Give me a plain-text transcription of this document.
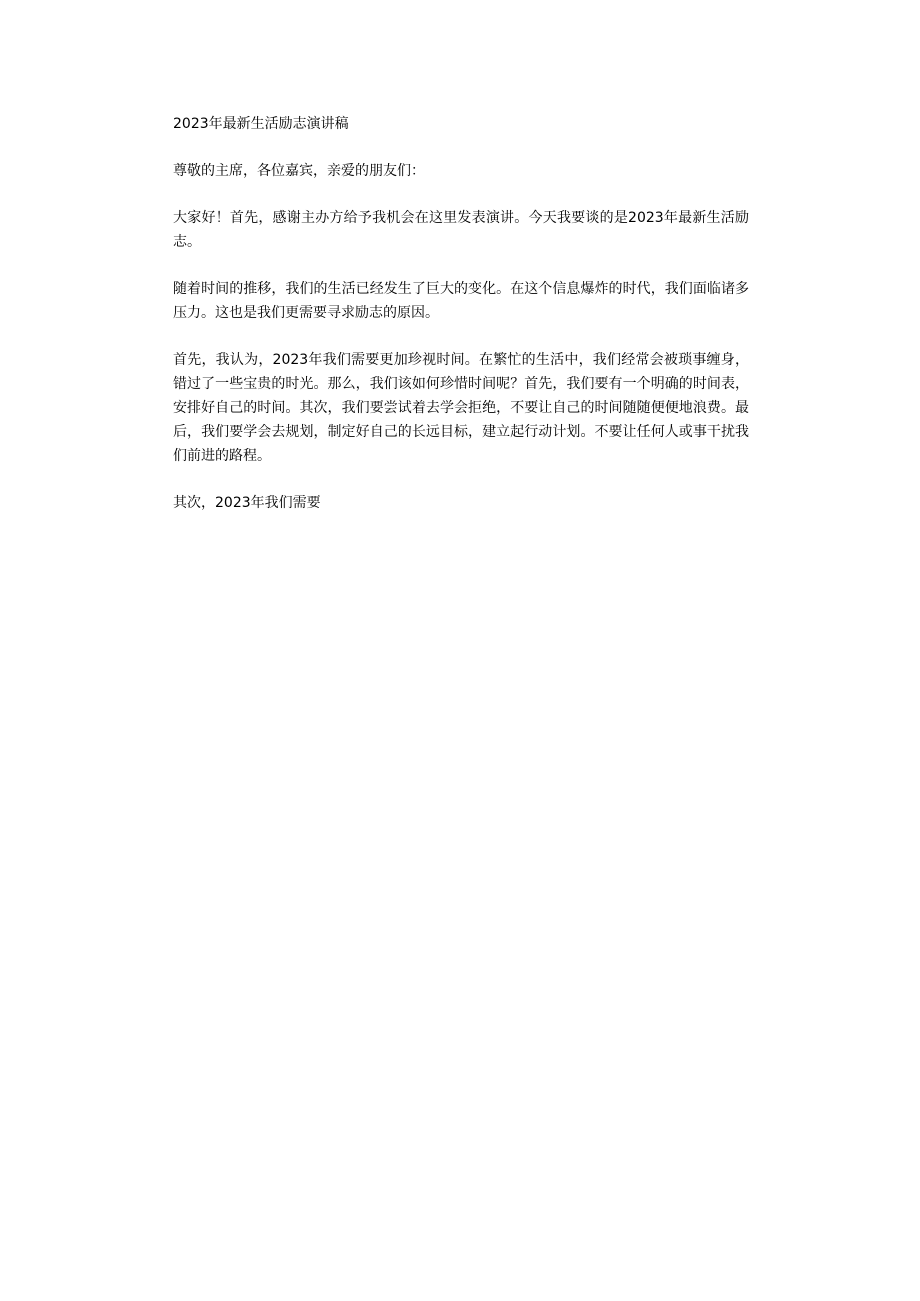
2023年最新生活励志演讲稿

尊敬的主席，各位嘉宾，亲爱的朋友们：

大家好！首先，感谢主办方给予我机会在这里发表演讲。今天我要谈的是2023年最新生活励志。

随着时间的推移，我们的生活已经发生了巨大的变化。在这个信息爆炸的时代，我们面临诸多压力。这也是我们更需要寻求励志的原因。

首先，我认为，2023年我们需要更加珍视时间。在繁忙的生活中，我们经常会被琐事缠身，错过了一些宝贵的时光。那么，我们该如何珍惜时间呢？首先，我们要有一个明确的时间表，安排好自己的时间。其次，我们要尝试着去学会拒绝，不要让自己的时间随随便便地浪费。最后，我们要学会去规划，制定好自己的长远目标，建立起行动计划。不要让任何人或事干扰我们前进的路程。

其次，2023年我们需要
